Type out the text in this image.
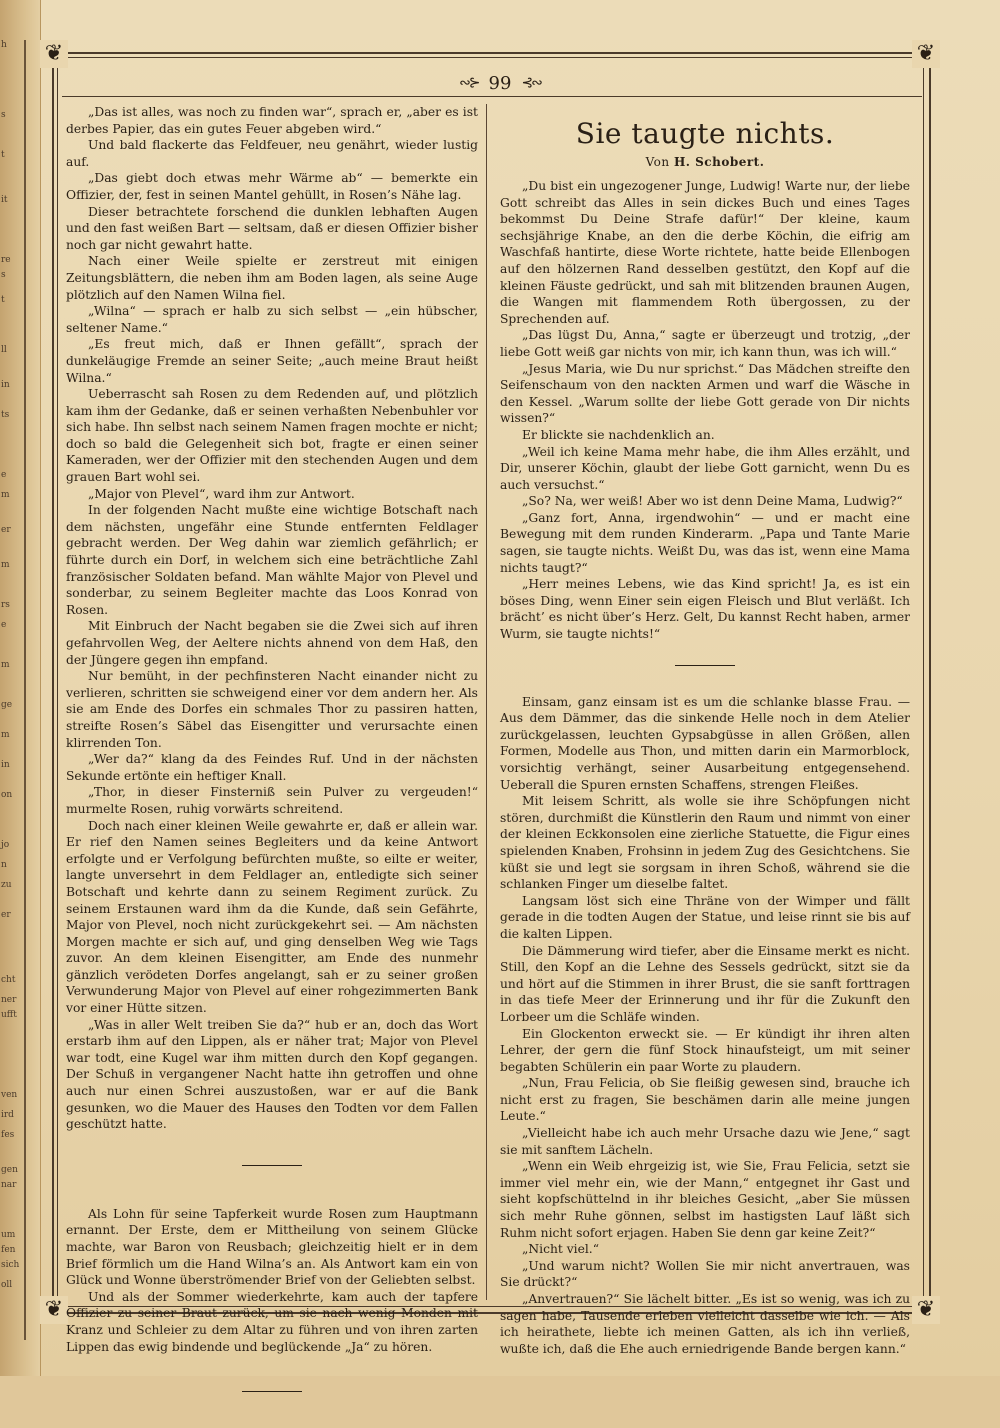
h
s
t
it
re
s
t
ll
in
ts
e
m
er
m
rs
e
m
ge
m
in
on
jo
n
zu
er
cht
ner
ufft
ven
ird
fes
gen
nar
um
fen
sich
oll
❦	❦
❦	❦
∾⊱ 99 ⊰∾

„Das ist alles, was noch zu finden war“, sprach er, „aber es ist derbes Papier, das ein gutes Feuer abgeben wird.“

Und bald flackerte das Feldfeuer, neu genährt, wieder lustig auf.

„Das giebt doch etwas mehr Wärme ab“ — bemerkte ein Offizier, der, fest in seinen Mantel gehüllt, in Rosen’s Nähe lag.

Dieser betrachtete forschend die dunklen lebhaften Augen und den fast weißen Bart — seltsam, daß er diesen Offizier bisher noch gar nicht gewahrt hatte.

Nach einer Weile spielte er zerstreut mit einigen Zeitungsblättern, die neben ihm am Boden lagen, als seine Auge plötzlich auf den Namen Wilna fiel.

„Wilna“ — sprach er halb zu sich selbst — „ein hübscher, seltener Name.“

„Es freut mich, daß er Ihnen gefällt“, sprach der dunkeläugige Fremde an seiner Seite; „auch meine Braut heißt Wilna.“

Ueberrascht sah Rosen zu dem Redenden auf, und plötzlich kam ihm der Gedanke, daß er seinen verhaßten Nebenbuhler vor sich habe. Ihn selbst nach seinem Namen fragen mochte er nicht; doch so bald die Gelegenheit sich bot, fragte er einen seiner Kameraden, wer der Offizier mit den stechenden Augen und dem grauen Bart wohl sei.

„Major von Plevel“, ward ihm zur Antwort.

In der folgenden Nacht mußte eine wichtige Botschaft nach dem nächsten, ungefähr eine Stunde entfernten Feldlager gebracht werden. Der Weg dahin war ziemlich gefährlich; er führte durch ein Dorf, in welchem sich eine beträchtliche Zahl französischer Soldaten befand. Man wählte Major von Plevel und sonderbar, zu seinem Begleiter machte das Loos Konrad von Rosen.

Mit Einbruch der Nacht begaben sie die Zwei sich auf ihren gefahrvollen Weg, der Aeltere nichts ahnend von dem Haß, den der Jüngere gegen ihn empfand.

Nur bemüht, in der pechfinsteren Nacht einander nicht zu verlieren, schritten sie schweigend einer vor dem andern her. Als sie am Ende des Dorfes ein schmales Thor zu passiren hatten, streifte Rosen’s Säbel das Eisengitter und verursachte einen klirrenden Ton.

„Wer da?“ klang da des Feindes Ruf. Und in der nächsten Sekunde ertönte ein heftiger Knall.

„Thor, in dieser Finsterniß sein Pulver zu vergeuden!“ murmelte Rosen, ruhig vorwärts schreitend.

Doch nach einer kleinen Weile gewahrte er, daß er allein war. Er rief den Namen seines Begleiters und da keine Antwort erfolgte und er Verfolgung befürchten mußte, so eilte er weiter, langte unversehrt in dem Feldlager an, entledigte sich seiner Botschaft und kehrte dann zu seinem Regiment zurück. Zu seinem Erstaunen ward ihm da die Kunde, daß sein Gefährte, Major von Plevel, noch nicht zurückgekehrt sei. — Am nächsten Morgen machte er sich auf, und ging denselben Weg wie Tags zuvor. An dem kleinen Eisengitter, am Ende des nunmehr gänzlich verödeten Dorfes angelangt, sah er zu seiner großen Verwunderung Major von Plevel auf einer rohgezimmerten Bank vor einer Hütte sitzen.

„Was in aller Welt treiben Sie da?“ hub er an, doch das Wort erstarb ihm auf den Lippen, als er näher trat; Major von Plevel war todt, eine Kugel war ihm mitten durch den Kopf gegangen. Der Schuß in vergangener Nacht hatte ihn getroffen und ohne auch nur einen Schrei auszustoßen, war er auf die Bank gesunken, wo die Mauer des Hauses den Todten vor dem Fallen geschützt hatte.

Als Lohn für seine Tapferkeit wurde Rosen zum Hauptmann ernannt. Der Erste, dem er Mittheilung von seinem Glücke machte, war Baron von Reusbach; gleichzeitig hielt er in dem Brief förmlich um die Hand Wilna’s an. Als Antwort kam ein von Glück und Wonne überströmender Brief von der Geliebten selbst.

Und als der Sommer wiederkehrte, kam auch der tapfere Offizier zu seiner Braut zurück, um sie nach wenig Monden mit Kranz und Schleier zu dem Altar zu führen und von ihren zarten Lippen das ewig bindende und beglückende „Ja“ zu hören.

Sie taugte nichts.
Von H. Schobert.

„Du bist ein ungezogener Junge, Ludwig! Warte nur, der liebe Gott schreibt das Alles in sein dickes Buch und eines Tages bekommst Du Deine Strafe dafür!“ Der kleine, kaum sechsjährige Knabe, an den die derbe Köchin, die eifrig am Waschfaß hantirte, diese Worte richtete, hatte beide Ellenbogen auf den hölzernen Rand desselben gestützt, den Kopf auf die kleinen Fäuste gedrückt, und sah mit blitzenden braunen Augen, die Wangen mit flammendem Roth übergossen, zu der Sprechenden auf.

„Das lügst Du, Anna,“ sagte er überzeugt und trotzig, „der liebe Gott weiß gar nichts von mir, ich kann thun, was ich will.“

„Jesus Maria, wie Du nur sprichst.“ Das Mädchen streifte den Seifenschaum von den nackten Armen und warf die Wäsche in den Kessel. „Warum sollte der liebe Gott gerade von Dir nichts wissen?“

Er blickte sie nachdenklich an.

„Weil ich keine Mama mehr habe, die ihm Alles erzählt, und Dir, unserer Köchin, glaubt der liebe Gott garnicht, wenn Du es auch versuchst.“

„So? Na, wer weiß! Aber wo ist denn Deine Mama, Ludwig?“

„Ganz fort, Anna, irgendwohin“ — und er macht eine Bewegung mit dem runden Kinderarm. „Papa und Tante Marie sagen, sie taugte nichts. Weißt Du, was das ist, wenn eine Mama nichts taugt?“

„Herr meines Lebens, wie das Kind spricht! Ja, es ist ein böses Ding, wenn Einer sein eigen Fleisch und Blut verläßt. Ich brächt’ es nicht über’s Herz. Gelt, Du kannst Recht haben, armer Wurm, sie taugte nichts!“

Einsam, ganz einsam ist es um die schlanke blasse Frau. — Aus dem Dämmer, das die sinkende Helle noch in dem Atelier zurückgelassen, leuchten Gypsabgüsse in allen Größen, allen Formen, Modelle aus Thon, und mitten darin ein Marmorblock, vorsichtig verhängt, seiner Ausarbeitung entgegensehend. Ueberall die Spuren ernsten Schaffens, strengen Fleißes.

Mit leisem Schritt, als wolle sie ihre Schöpfungen nicht stören, durchmißt die Künstlerin den Raum und nimmt von einer der kleinen Eckkonsolen eine zierliche Statuette, die Figur eines spielenden Knaben, Frohsinn in jedem Zug des Gesichtchens. Sie küßt sie und legt sie sorgsam in ihren Schoß, während sie die schlanken Finger um dieselbe faltet.

Langsam löst sich eine Thräne von der Wimper und fällt gerade in die todten Augen der Statue, und leise rinnt sie bis auf die kalten Lippen.

Die Dämmerung wird tiefer, aber die Einsame merkt es nicht. Still, den Kopf an die Lehne des Sessels gedrückt, sitzt sie da und hört auf die Stimmen in ihrer Brust, die sie sanft forttragen in das tiefe Meer der Erinnerung und ihr für die Zukunft den Lorbeer um die Schläfe winden.

Ein Glockenton erweckt sie. — Er kündigt ihr ihren alten Lehrer, der gern die fünf Stock hinaufsteigt, um mit seiner begabten Schülerin ein paar Worte zu plaudern.

„Nun, Frau Felicia, ob Sie fleißig gewesen sind, brauche ich nicht erst zu fragen, Sie beschämen darin alle meine jungen Leute.“

„Vielleicht habe ich auch mehr Ursache dazu wie Jene,“ sagt sie mit sanftem Lächeln.

„Wenn ein Weib ehrgeizig ist, wie Sie, Frau Felicia, setzt sie immer viel mehr ein, wie der Mann,“ entgegnet ihr Gast und sieht kopfschüttelnd in ihr bleiches Gesicht, „aber Sie müssen sich mehr Ruhe gönnen, selbst im hastigsten Lauf läßt sich Ruhm nicht sofort erjagen. Haben Sie denn gar keine Zeit?“

„Nicht viel.“

„Und warum nicht? Wollen Sie mir nicht anvertrauen, was Sie drückt?“

„Anvertrauen?“ Sie lächelt bitter. „Es ist so wenig, was ich zu sagen habe, Tausende erleben vielleicht dasselbe wie ich. — Als ich heirathete, liebte ich meinen Gatten, als ich ihn verließ, wußte ich, daß die Ehe auch erniedrigende Bande bergen kann.“
